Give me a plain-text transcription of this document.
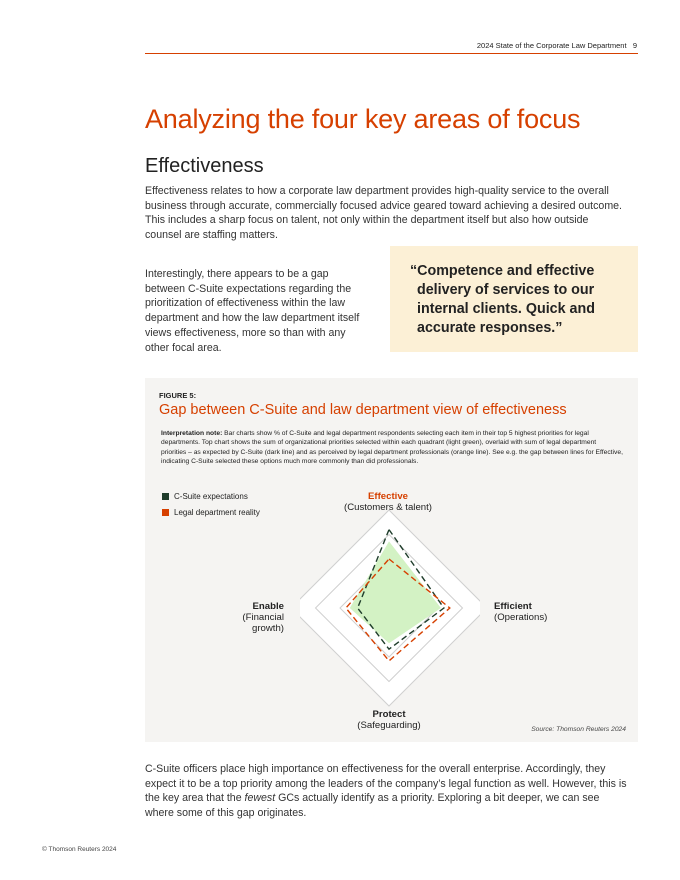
2024 State of the Corporate Law Department 9
Analyzing the four key areas of focus
Effectiveness
Effectiveness relates to how a corporate law department provides high-quality service to the overall business through accurate, commercially focused advice geared toward achieving a desired outcome. This includes a sharp focus on talent, not only within the department itself but also how outside counsel are staffing matters.
Interestingly, there appears to be a gap between C-Suite expectations regarding the prioritization of effectiveness within the law department and how the law department itself views effectiveness, more so than with any other focal area.
“Competence and effective delivery of services to our internal clients. Quick and accurate responses.”
FIGURE 5:
Gap between C-Suite and law department view of effectiveness
Interpretation note: Bar charts show % of C-Suite and legal department respondents selecting each item in their top 5 highest priorities for legal departments. Top chart shows the sum of organizational priorities selected within each quadrant (light green), overlaid with sum of legal department priorities – as expected by C-Suite (dark line) and as perceived by legal department professionals (orange line). See e.g. the gap between lines for Effective, indicating C-Suite selected these options much more commonly than did professionals.
C-Suite expectations
Legal department reality
Effective
(Customers & talent)
Efficient
(Operations)
Protect
(Safeguarding)
Enable
(Financial growth)
Source: Thomson Reuters 2024
C-Suite officers place high importance on effectiveness for the overall enterprise. Accordingly, they expect it to be a top priority among the leaders of the company’s legal function as well. However, this is the key area that the fewest GCs actually identify as a priority. Exploring a bit deeper, we can see where some of this gap originates.
© Thomson Reuters 2024
